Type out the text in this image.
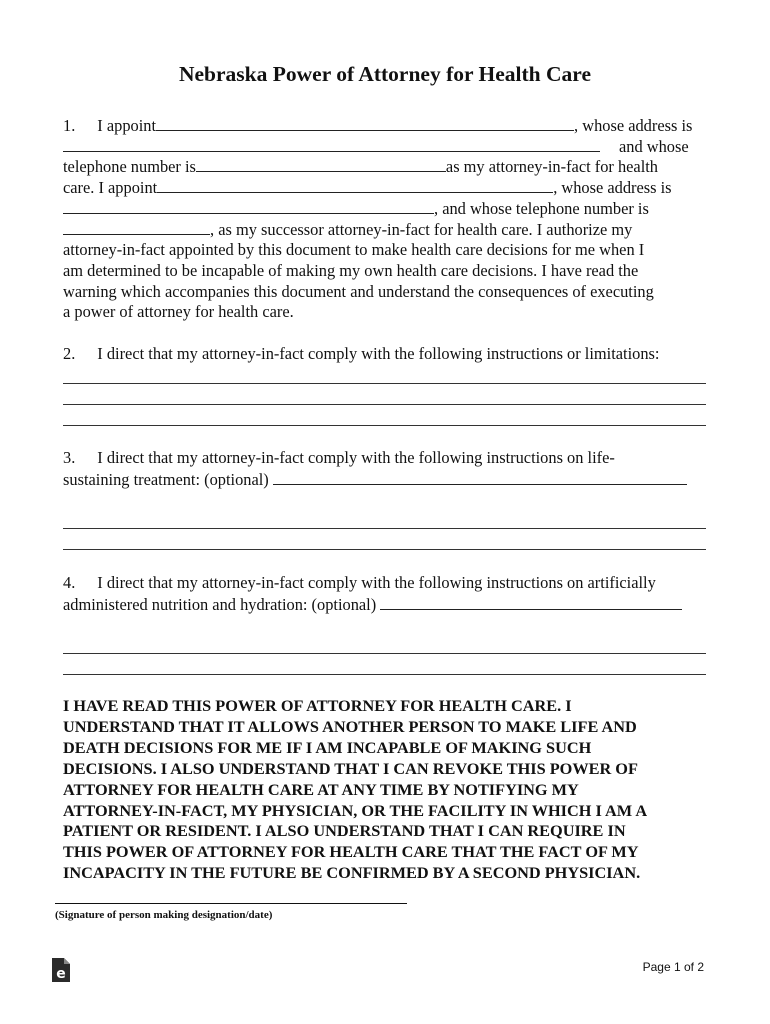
Nebraska Power of Attorney for Health Care
1. I appoint	, whose address is
and whose
telephone number is	as my attorney-in-fact for health
care. I appoint	, whose address is
, and whose telephone number is
, as my successor attorney-in-fact for health care. I authorize my
attorney-in-fact appointed by this document to make health care decisions for me when I
am determined to be incapable of making my own health care decisions. I have read the
warning which accompanies this document and understand the consequences of executing
a power of attorney for health care.
2. I direct that my attorney-in-fact comply with the following instructions or limitations:
3. I direct that my attorney-in-fact comply with the following instructions on life-
sustaining treatment: (optional)
4. I direct that my attorney-in-fact comply with the following instructions on artificially
administered nutrition and hydration: (optional)
I HAVE READ THIS POWER OF ATTORNEY FOR HEALTH CARE. I
UNDERSTAND THAT IT ALLOWS ANOTHER PERSON TO MAKE LIFE AND
DEATH DECISIONS FOR ME IF I AM INCAPABLE OF MAKING SUCH
DECISIONS. I ALSO UNDERSTAND THAT I CAN REVOKE THIS POWER OF
ATTORNEY FOR HEALTH CARE AT ANY TIME BY NOTIFYING MY
ATTORNEY-IN-FACT, MY PHYSICIAN, OR THE FACILITY IN WHICH I AM A
PATIENT OR RESIDENT. I ALSO UNDERSTAND THAT I CAN REQUIRE IN
THIS POWER OF ATTORNEY FOR HEALTH CARE THAT THE FACT OF MY
INCAPACITY IN THE FUTURE BE CONFIRMED BY A SECOND PHYSICIAN.
(Signature of person making designation/date)
e	Page 1 of 2
